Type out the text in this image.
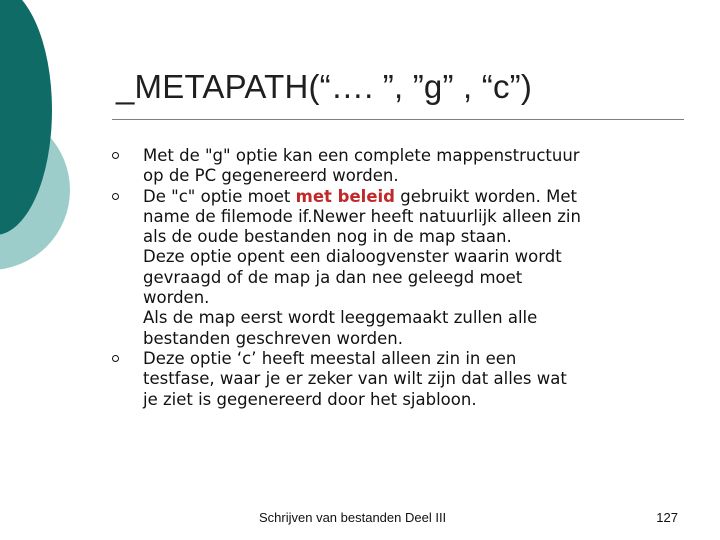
_METAPATH(“…. ”, ”g” , “c”)
Met de "g" optie kan een complete mappenstructuur
op de PC gegenereerd worden.
De "c" optie moet met beleid gebruikt worden. Met
name de filemode if.Newer heeft natuurlijk alleen zin
als de oude bestanden nog in de map staan.
Deze optie opent een dialoogvenster waarin wordt
gevraagd of de map ja dan nee geleegd moet
worden.
Als de map eerst wordt leeggemaakt zullen alle
bestanden geschreven worden.
Deze optie ‘c’ heeft meestal alleen zin in een
testfase, waar je er zeker van wilt zijn dat alles wat
je ziet is gegenereerd door het sjabloon.
Schrijven van bestanden Deel III	127
